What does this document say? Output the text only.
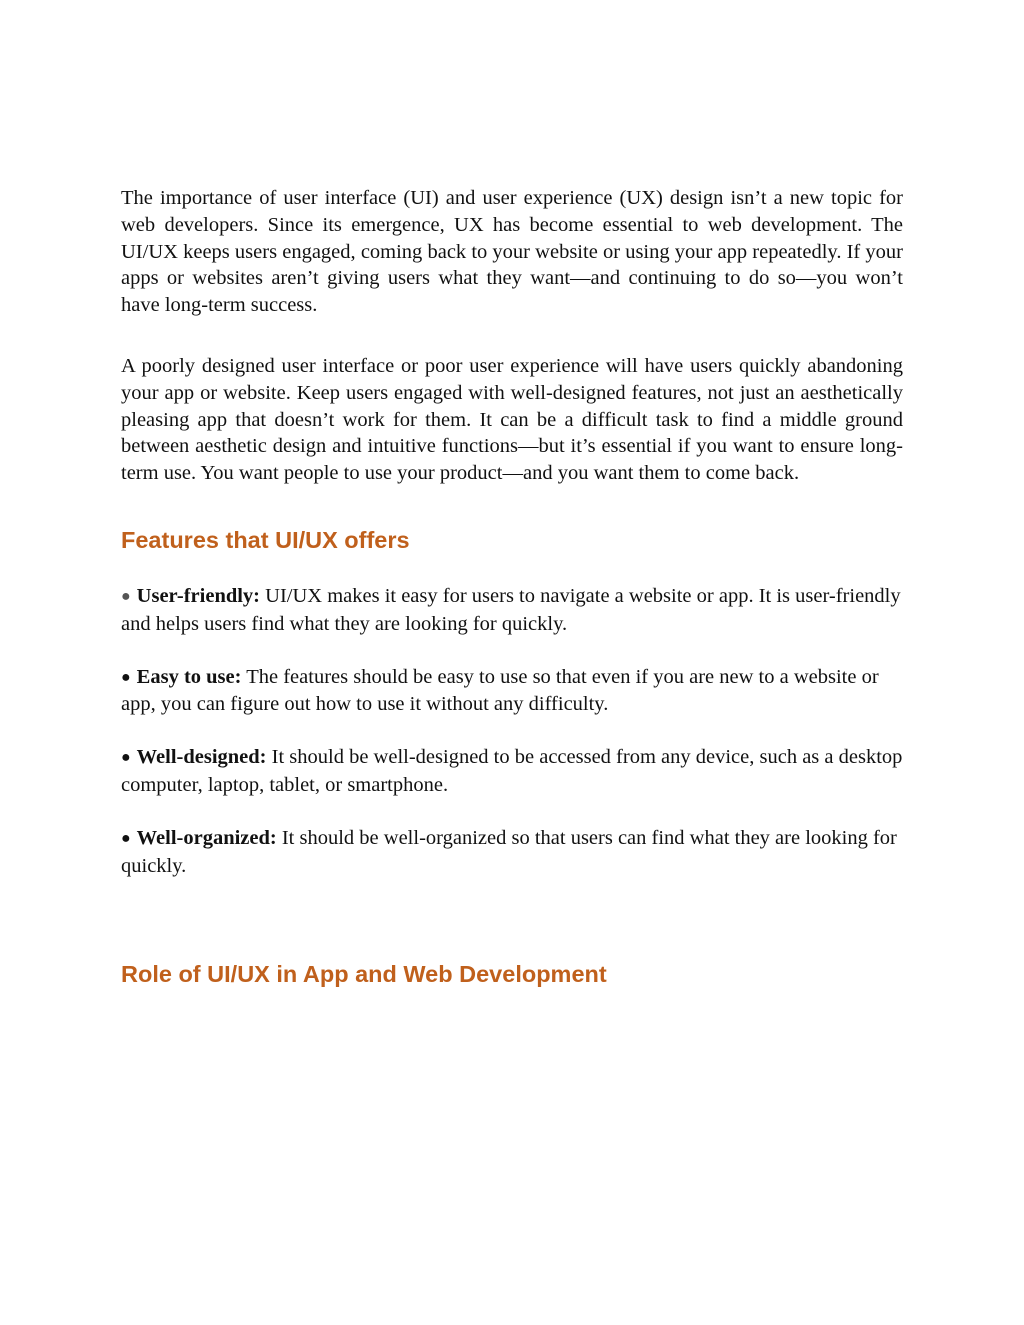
The importance of user interface (UI) and user experience (UX) design isn’t a new topic for web developers. Since its emergence, UX has become essential to web development. The UI/UX keeps users engaged, coming back to your website or using your app repeatedly. If your apps or websites aren’t giving users what they want—and continuing to do so—you won’t have long-term success.

A poorly designed user interface or poor user experience will have users quickly abandoning your app or website. Keep users engaged with well-designed features, not just an aesthetically pleasing app that doesn’t work for them. It can be a difficult task to find a middle ground between aesthetic design and intuitive functions—but it’s essential if you want to ensure long-term use. You want people to use your product—and you want them to come back.

Features that UI/UX offers

● User-friendly: UI/UX makes it easy for users to navigate a website or app. It is user-friendly and helps users find what they are looking for quickly.

● Easy to use: The features should be easy to use so that even if you are new to a website or app, you can figure out how to use it without any difficulty.

● Well-designed: It should be well-designed to be accessed from any device, such as a desktop computer, laptop, tablet, or smartphone.

● Well-organized: It should be well-organized so that users can find what they are looking for quickly.

Role of UI/UX in App and Web Development
